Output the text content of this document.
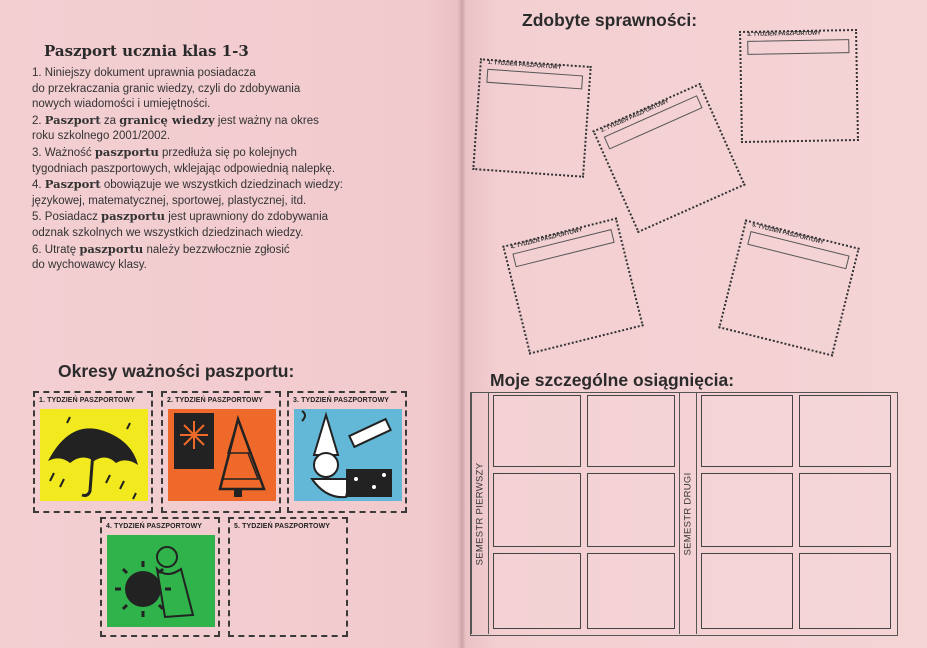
Paszport ucznia klas 1-3
1. Niniejszy dokument uprawnia posiadacza
do przekraczania granic wiedzy, czyli do zdobywania
nowych wiadomości i umiejętności.
2. Paszport za granicę wiedzy jest ważny na okres
roku szkolnego 2001/2002.
3. Ważność paszportu przedłuża się po kolejnych
tygodniach paszportowych, wklejając odpowiednią nalepkę.
4. Paszport obowiązuje we wszystkich dziedzinach wiedzy:
językowej, matematycznej, sportowej, plastycznej, itd.
5. Posiadacz paszportu jest uprawniony do zdobywania
odznak szkolnych we wszystkich dziedzinach wiedzy.
6. Utratę paszportu należy bezzwłocznie zgłosić
do wychowawcy klasy.
Okresy ważności paszportu:
1. TYDZIEŃ PASZPORTOWY	2. TYDZIEŃ PASZPORTOWY	3. TYDZIEŃ PASZPORTOWY
4. TYDZIEŃ PASZPORTOWY	5. TYDZIEŃ PASZPORTOWY
Zdobyte sprawności:
1. TYDZIEŃ PASZPORTOWY
2. TYDZIEŃ PASZPORTOWY
3. TYDZIEŃ PASZPORTOWY
4. TYDZIEŃ PASZPORTOWY	5. TYDZIEŃ PASZPORTOWY
Moje szczególne osiągnięcia:
SEMESTR PIERWSZY	SEMESTR DRUGI
